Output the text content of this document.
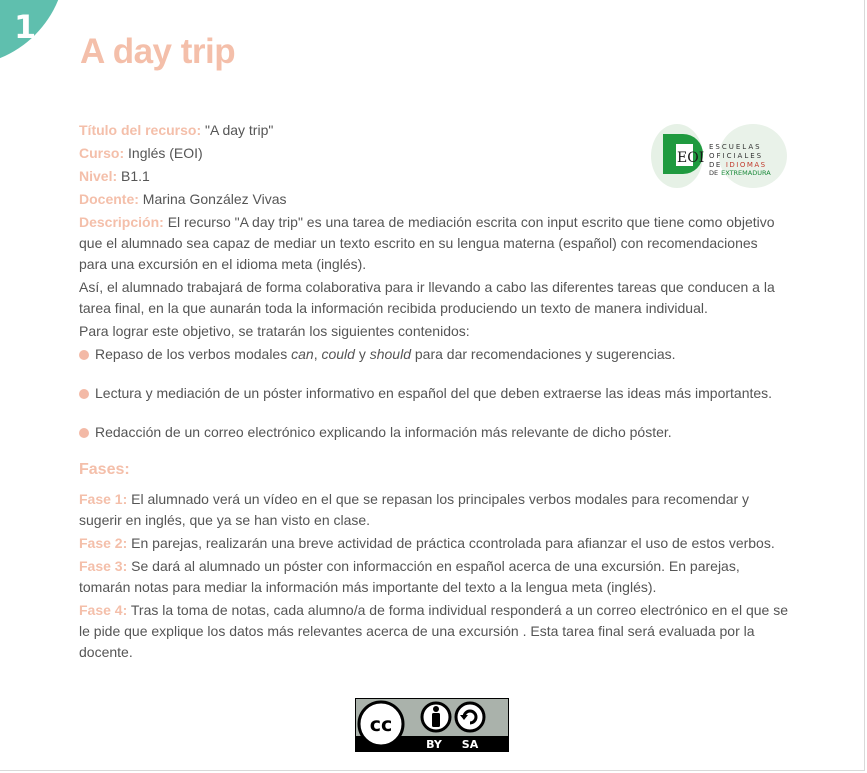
1
A day trip
EOI
ESCUELAS
OFICIALES
DE IDIOMAS
DE EXTREMADURA

Título del recurso: "A day trip"

Curso: Inglés (EOI)

Nivel: B1.1

Docente: Marina González Vivas

Descripción: El recurso "A day trip" es una tarea de mediación escrita con input escrito que tiene como objetivo que el alumnado sea capaz de mediar un texto escrito en su lengua materna (español) con recomendaciones para una excursión en el idioma meta (inglés).

Así, el alumnado trabajará de forma colaborativa para ir llevando a cabo las diferentes tareas que conducen a la tarea final, en la que aunarán toda la información recibida produciendo un texto de manera individual.

Para lograr este objetivo, se tratarán los siguientes contenidos:

Repaso de los verbos modales can, could y should para dar recomendaciones y sugerencias.
Lectura y mediación de un póster informativo en español del que deben extraerse las ideas más importantes.
Redacción de un correo electrónico explicando la información más relevante de dicho póster.
Fases:

Fase 1: El alumnado verá un vídeo en el que se repasan los principales verbos modales para recomendar y sugerir en inglés, que ya se han visto en clase.

Fase 2: En parejas, realizarán una breve actividad de práctica ccontrolada para afianzar el uso de estos verbos.

Fase 3: Se dará al alumnado un póster con informacción en español acerca de una excursión. En parejas, tomarán notas para mediar la información más importante del texto a la lengua meta (inglés).

Fase 4: Tras la toma de notas, cada alumno/a de forma individual responderá a un correo electrónico en el que se le pide que explique los datos más relevantes acerca de una excursión . Esta tarea final será evaluada por la docente.

cc
BY SA
